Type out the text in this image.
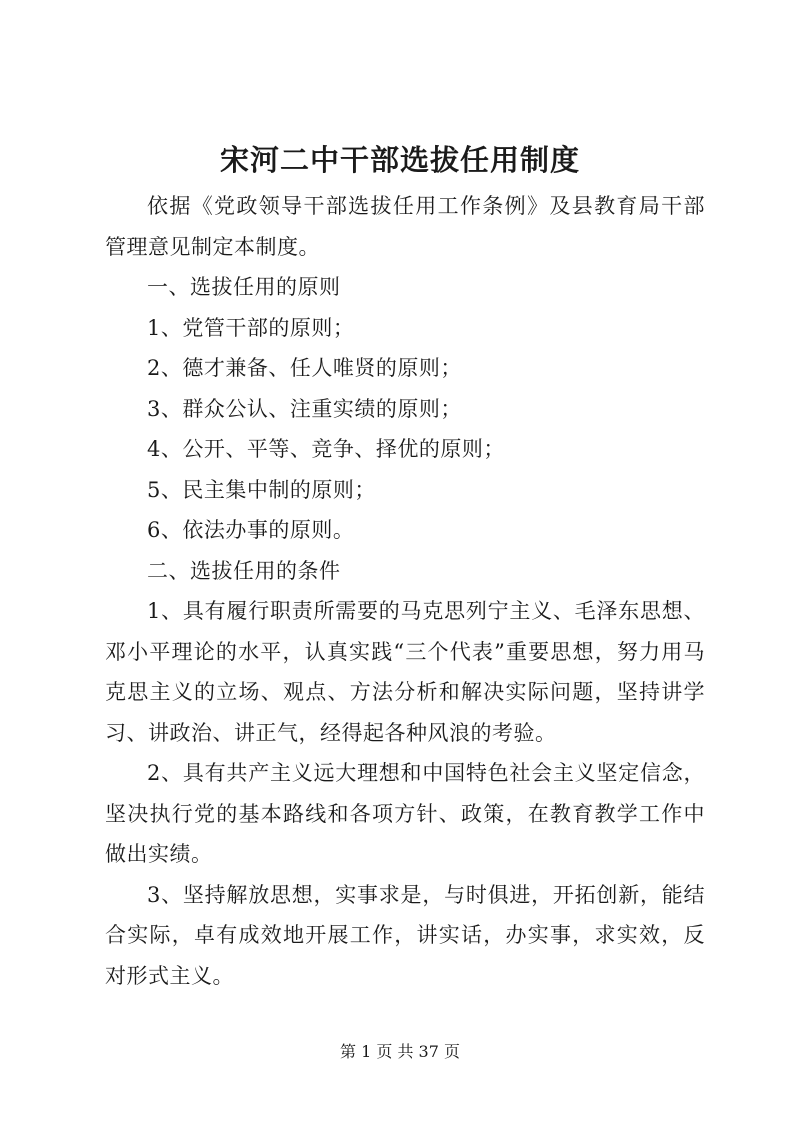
宋河二中干部选拔任用制度

依据《党政领导干部选拔任用工作条例》及县教育局干部管理意见制定本制度。

一、选拔任用的原则

1、党管干部的原则；

2、德才兼备、任人唯贤的原则；

3、群众公认、注重实绩的原则；

4、公开、平等、竞争、择优的原则；

5、民主集中制的原则；

6、依法办事的原则。

二、选拔任用的条件

1、具有履行职责所需要的马克思列宁主义、毛泽东思想、邓小平理论的水平，认真实践“三个代表”重要思想，努力用马克思主义的立场、观点、方法分析和解决实际问题，坚持讲学习、讲政治、讲正气，经得起各种风浪的考验。

2、具有共产主义远大理想和中国特色社会主义坚定信念，坚决执行党的基本路线和各项方针、政策，在教育教学工作中做出实绩。

3、坚持解放思想，实事求是，与时俱进，开拓创新，能结合实际，卓有成效地开展工作，讲实话，办实事，求实效，反对形式主义。

第 1 页 共 37 页
